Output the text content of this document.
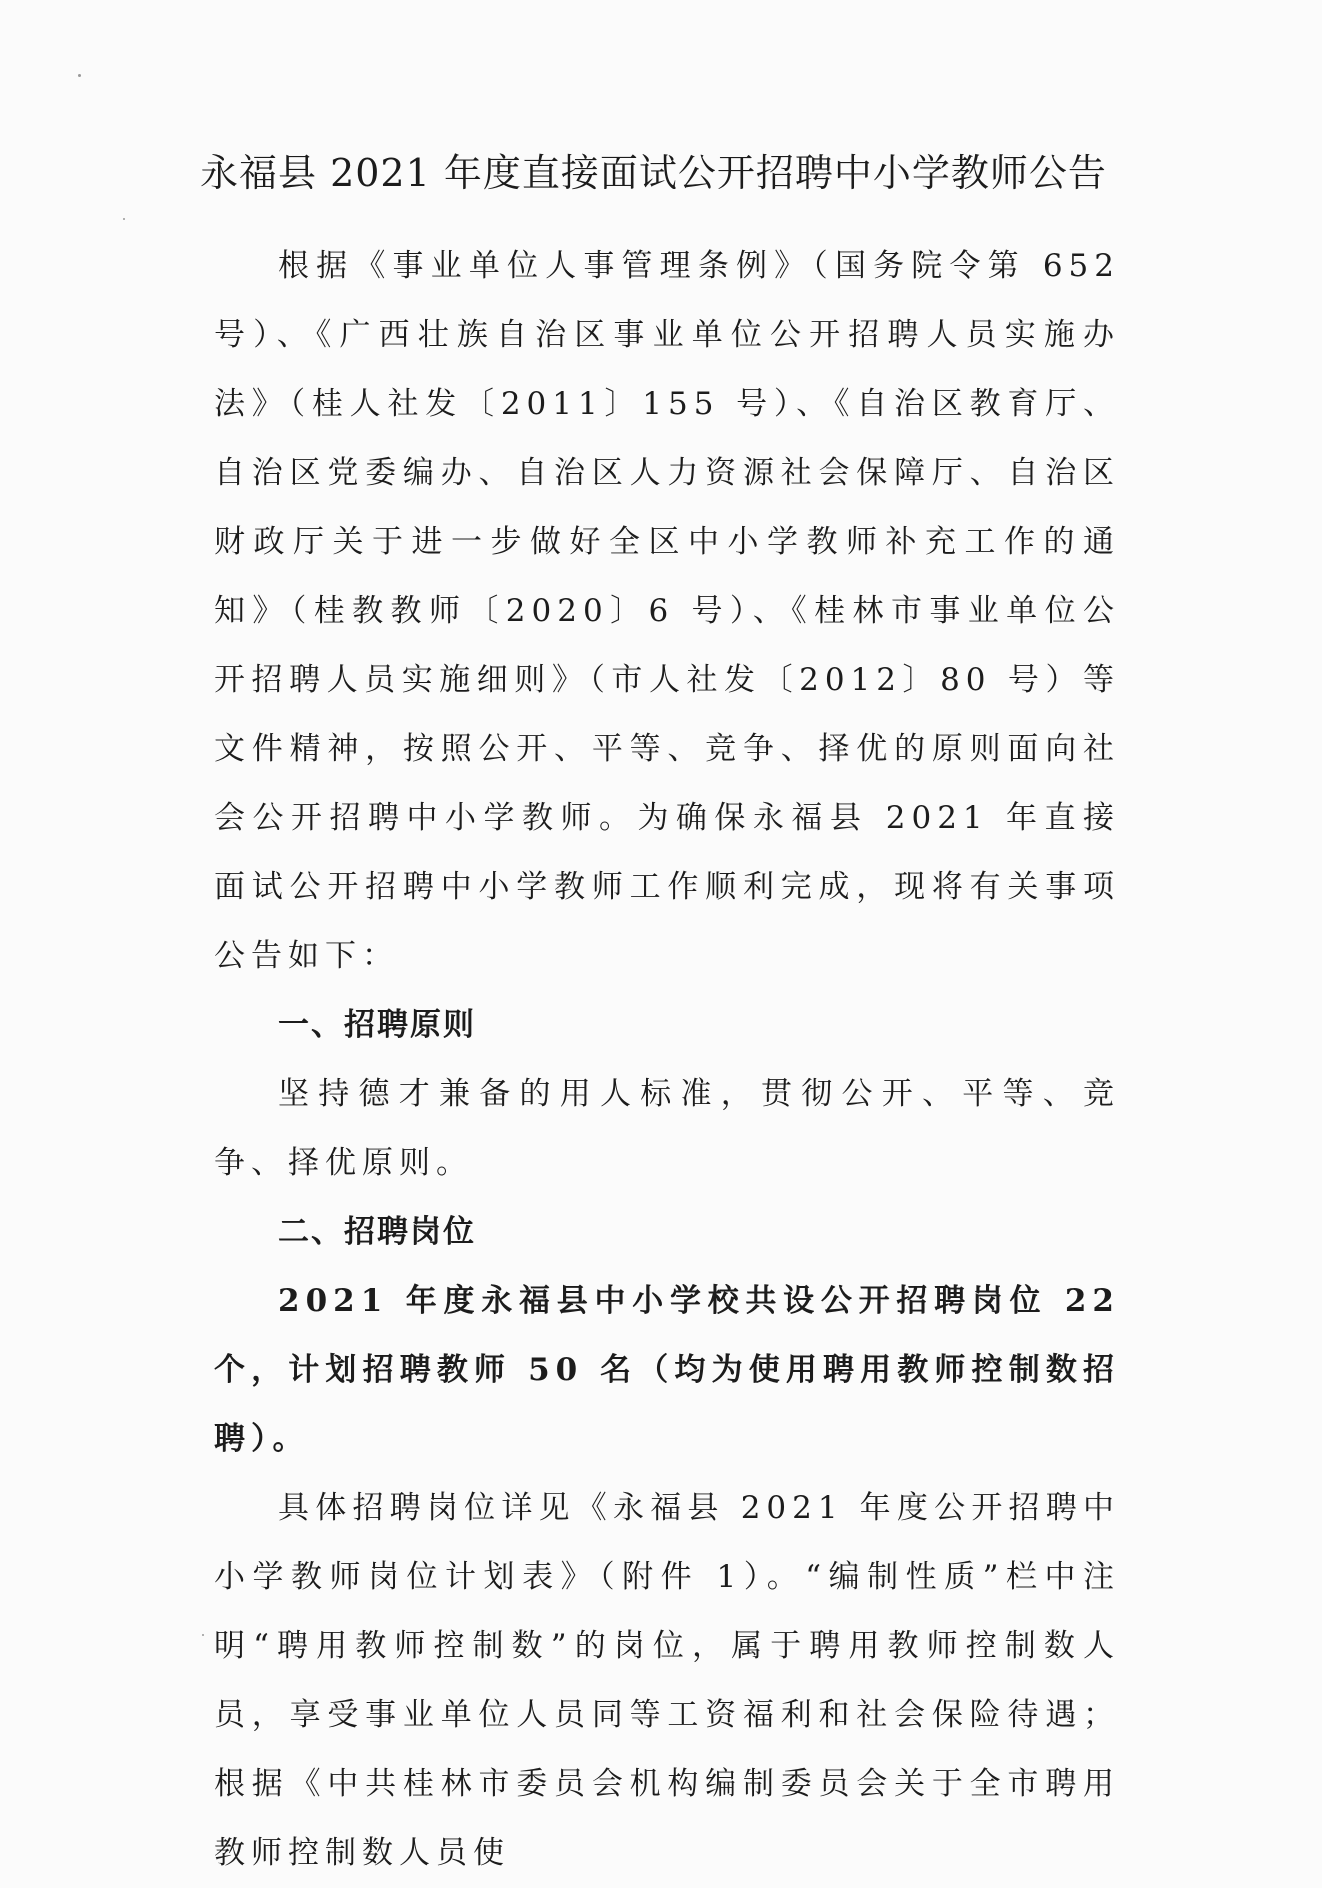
永福县 2021 年度直接面试公开招聘中小学教师公告

根据《事业单位人事管理条例》（国务院令第 652 号）、《广西壮族自治区事业单位公开招聘人员实施办法》（桂人社发〔2011〕155 号）、《自治区教育厅、自治区党委编办、自治区人力资源社会保障厅、自治区财政厅关于进一步做好全区中小学教师补充工作的通知》（桂教教师〔2020〕6 号）、《桂林市事业单位公开招聘人员实施细则》（市人社发〔2012〕80 号）等文件精神，按照公开、平等、竞争、择优的原则面向社会公开招聘中小学教师。为确保永福县 2021 年直接面试公开招聘中小学教师工作顺利完成，现将有关事项公告如下：

一、招聘原则

坚持德才兼备的用人标准，贯彻公开、平等、竞争、择优原则。

二、招聘岗位

2021 年度永福县中小学校共设公开招聘岗位 22 个，计划招聘教师 50 名（均为使用聘用教师控制数招聘）。

具体招聘岗位详见《永福县 2021 年度公开招聘中小学教师岗位计划表》（附件 1）。“编制性质”栏中注明“聘用教师控制数”的岗位，属于聘用教师控制数人员，享受事业单位人员同等工资福利和社会保险待遇；根据《中共桂林市委员会机构编制委员会关于全市聘用教师控制数人员使
